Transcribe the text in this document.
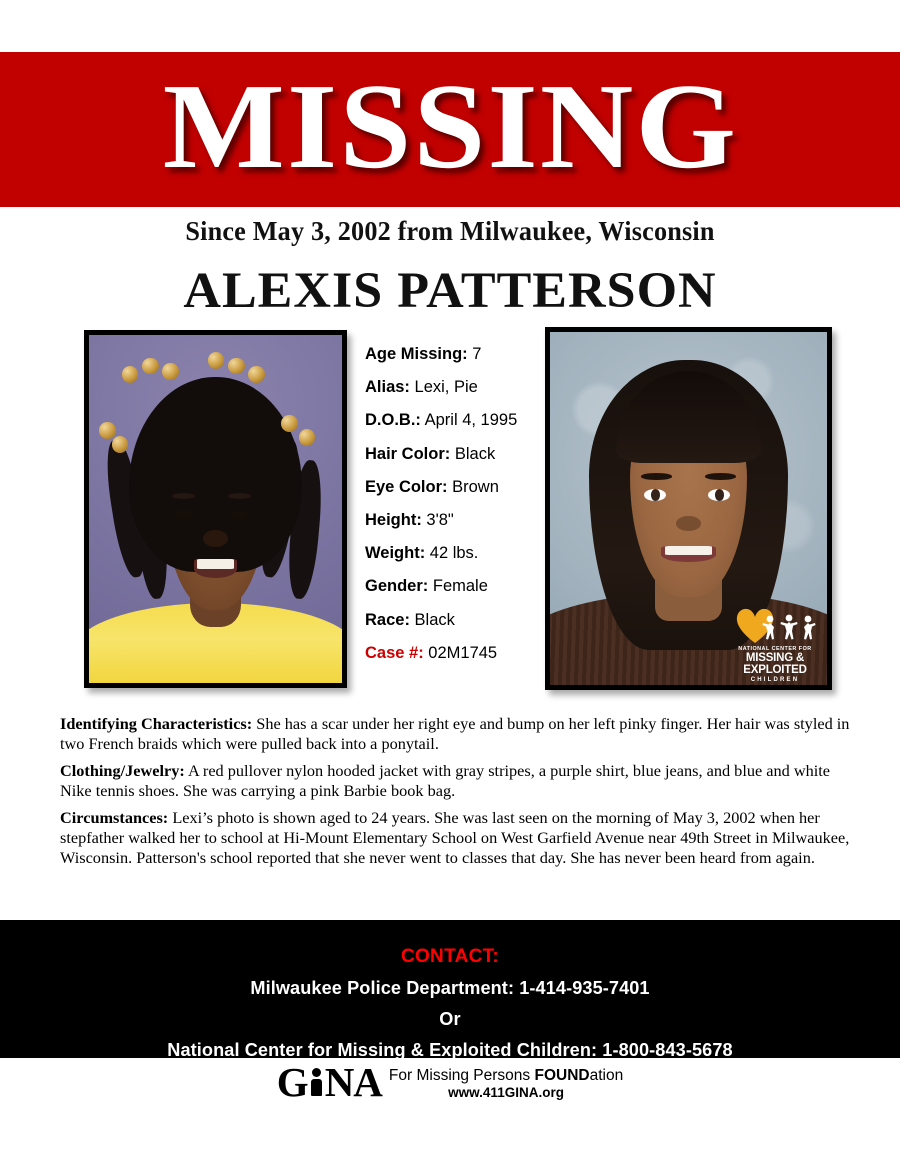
MISSING
Since May 3, 2002 from Milwaukee, Wisconsin
ALEXIS PATTERSON
NATIONAL CENTER FOR
MISSING &
EXPLOITED
CHILDREN
Age Missing: 7
Alias: Lexi, Pie
D.O.B.: April 4, 1995
Hair Color: Black
Eye Color: Brown
Height: 3'8"
Weight: 42 lbs.
Gender: Female
Race: Black
Case #: 02M1745

Identifying Characteristics: She has a scar under her right eye and bump on her left pinky finger. Her hair was styled in two French braids which were pulled back into a ponytail.

Clothing/Jewelry: A red pullover nylon hooded jacket with gray stripes, a purple shirt, blue jeans, and blue and white Nike tennis shoes. She was carrying a pink Barbie book bag.

Circumstances: Lexi’s photo is shown aged to 24 years. She was last seen on the morning of May 3, 2002 when her stepfather walked her to school at Hi-Mount Elementary School on West Garfield Avenue near 49th Street in Milwaukee, Wisconsin. Patterson's school reported that she never went to classes that day. She has never been heard from again.

CONTACT:
Milwaukee Police Department: 1-414-935-7401
Or
National Center for Missing & Exploited Children: 1-800-843-5678
G NA For Missing Persons FOUNDation
www.411GINA.org
